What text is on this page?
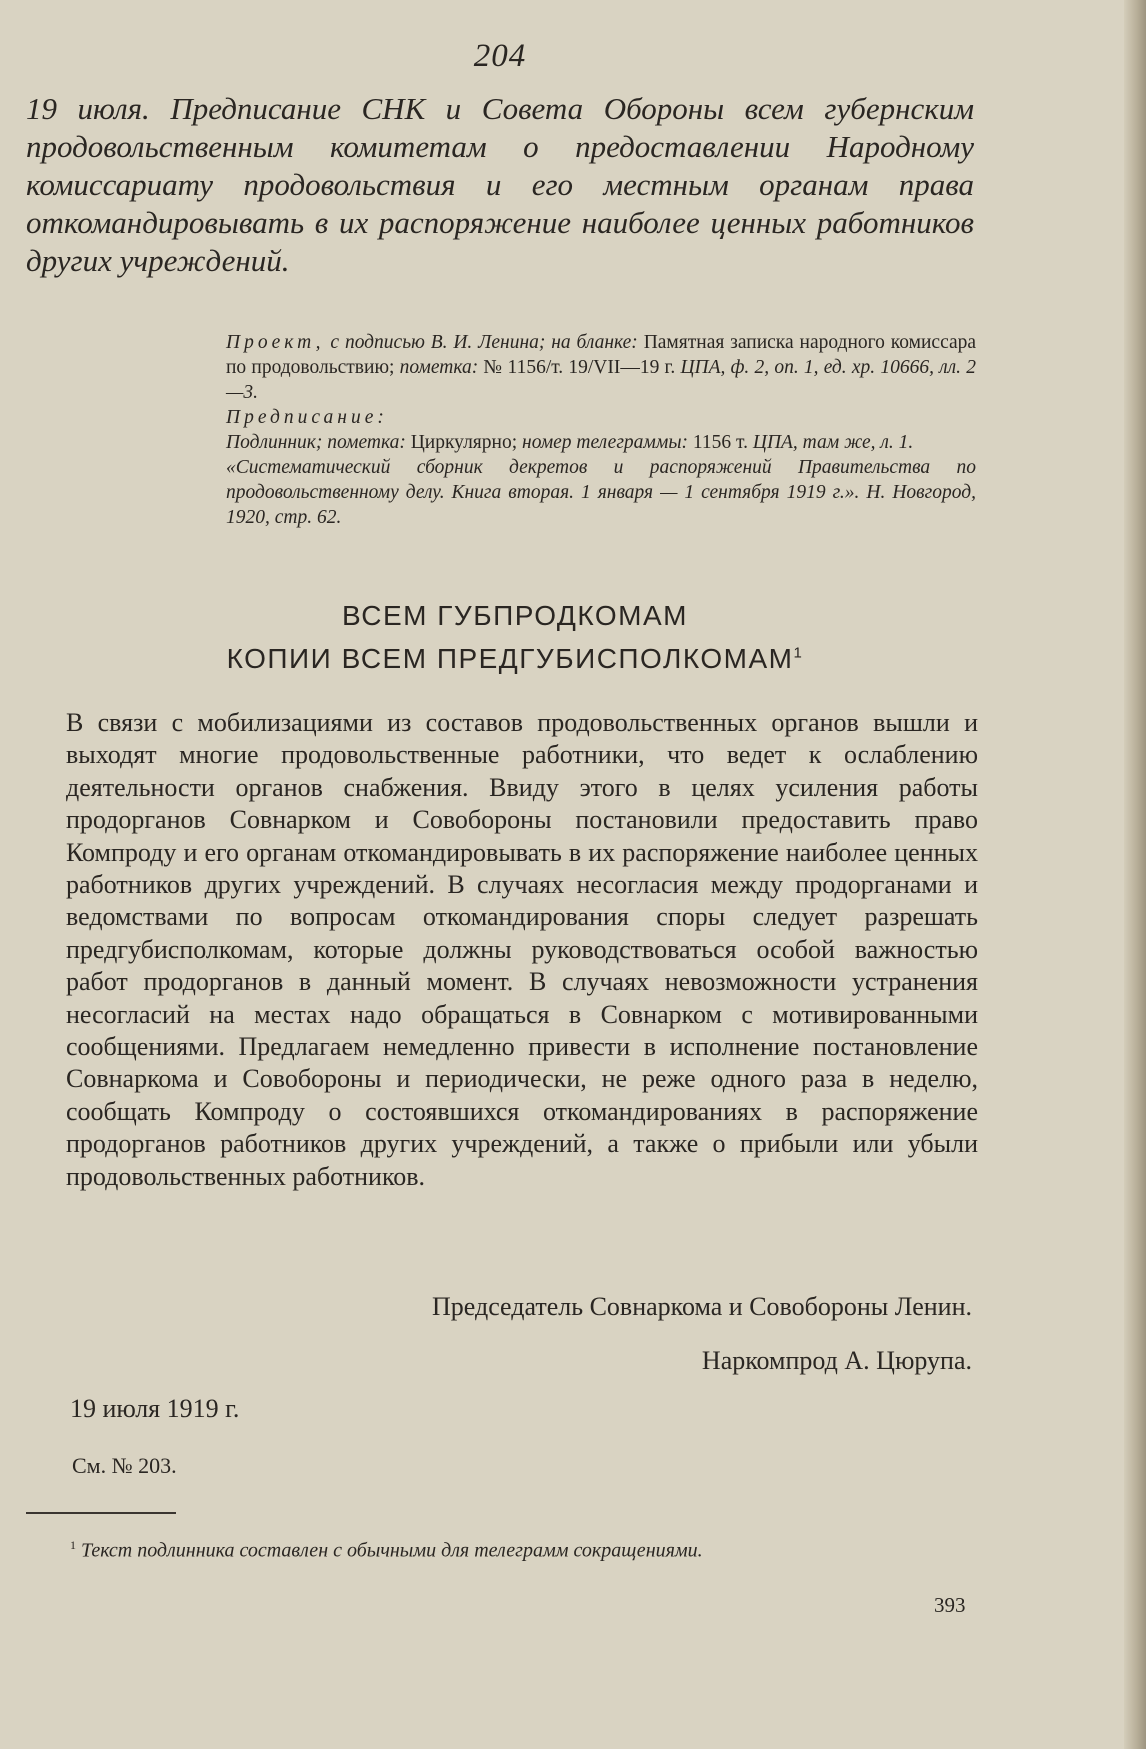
204

19 июля. Предписание СНК и Совета Обороны всем губернским продовольственным комитетам о предоставлении Народному комиссариату продовольствия и его местным органам права откомандировывать в их распоряжение наиболее ценных работников других учреждений.

Проект, с подписью В. И. Ленина; на бланке: Памятная записка народного комиссара по продовольствию; пометка: № 1156/т. 19/VII—19 г. ЦПА, ф. 2, оп. 1, ед. хр. 10666, лл. 2—3.

Предписание:

Подлинник; пометка: Циркулярно; номер телеграммы: 1156 т. ЦПА, там же, л. 1.

«Систематический сборник декретов и распоряжений Правительства по продовольственному делу. Книга вторая. 1 января — 1 сентября 1919 г.». Н. Новгород, 1920, стр. 62.

ВСЕМ ГУБПРОДКОМАМ
КОПИИ ВСЕМ ПРЕДГУБИСПОЛКОМАМ$^1$

В связи с мобилизациями из составов продовольственных органов вышли и выходят многие продовольственные работники, что ведет к ослаблению деятельности органов снабжения. Ввиду этого в целях усиления работы продорганов Совнарком и Совобороны постановили предоставить право Компроду и его органам откомандировывать в их распоряжение наиболее ценных работников других учреждений. В случаях несогласия между продорганами и ведомствами по вопросам откомандирования споры следует разрешать предгубисполкомам, которые должны руководствоваться особой важностью работ продорганов в данный момент. В случаях невозможности устранения несогласий на местах надо обращаться в Совнарком с мотивированными сообщениями. Предлагаем немедленно привести в исполнение постановление Совнаркома и Совобороны и периодически, не реже одного раза в неделю, сообщать Компроду о состоявшихся откомандированиях в распоряжение продорганов работников других учреждений, а также о прибыли или убыли продовольственных работников.

Председатель Совнаркома и Совобороны Ленин.
Наркомпрод А. Цюрупа.
19 июля 1919 г.
См. № 203.
$^1$ Текст подлинника составлен с обычными для телеграмм сокращениями.
393
